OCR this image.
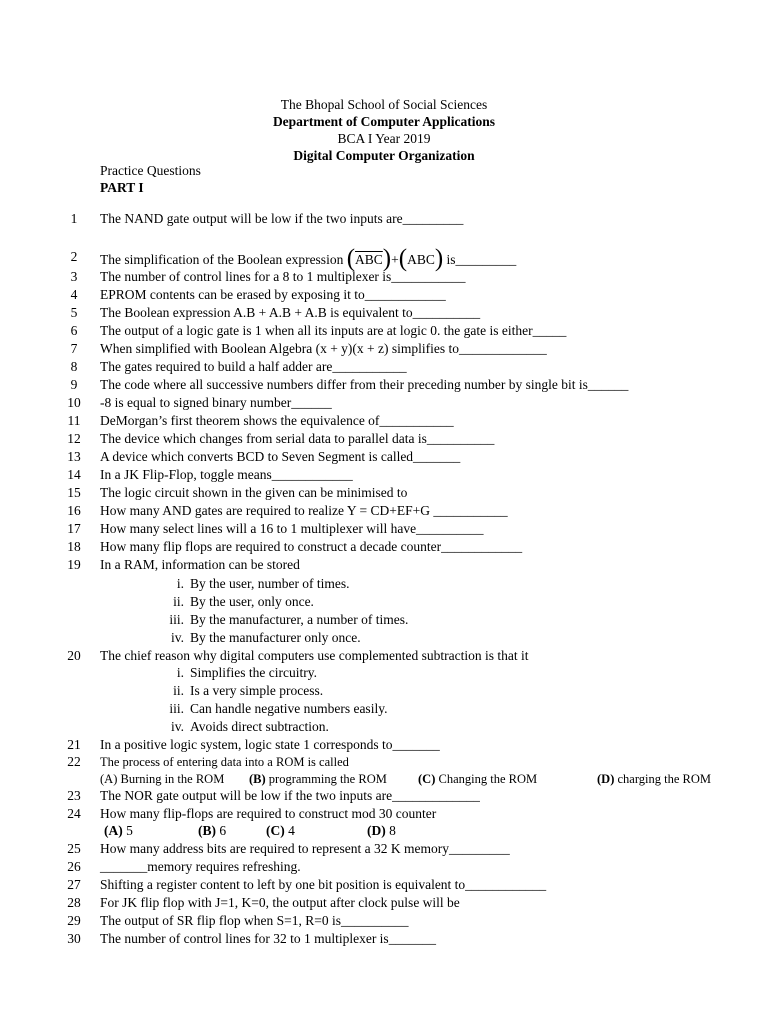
The Bhopal School of Social Sciences
Department of Computer Applications
BCA I Year 2019
Digital Computer Organization
Practice Questions
PART I
1	The NAND gate output will be low if the two inputs are_________
2	The simplification of the Boolean expression $(\overline{ABC})+(ABC)$ is_________
3	The number of control lines for a 8 to 1 multiplexer is___________
4	EPROM contents can be erased by exposing it to____________
5	The Boolean expression A.B + A.B + A.B is equivalent to__________
6	The output of a logic gate is 1 when all its inputs are at logic 0. the gate is either_____
7	When simplified with Boolean Algebra (x + y)(x + z) simplifies to_____________
8	The gates required to build a half adder are___________
9	The code where all successive numbers differ from their preceding number by single bit is______
10	-8 is equal to signed binary number______
11	DeMorgan’s first theorem shows the equivalence of___________
12	The device which changes from serial data to parallel data is__________
13	A device which converts BCD to Seven Segment is called_______
14	In a JK Flip-Flop, toggle means____________
15	The logic circuit shown in the given can be minimised to
16	How many AND gates are required to realize Y = CD+EF+G ___________
17	How many select lines will a 16 to 1 multiplexer will have__________
18	How many flip flops are required to construct a decade counter____________
19	In a RAM, information can be stored
i. By the user, number of times.
ii. By the user, only once.
iii. By the manufacturer, a number of times.
iv. By the manufacturer only once.
20	The chief reason why digital computers use complemented subtraction is that it
i. Simplifies the circuitry.
ii. Is a very simple process.
iii. Can handle negative numbers easily.
iv. Avoids direct subtraction.
21	In a positive logic system, logic state 1 corresponds to_______
22	The process of entering data into a ROM is called
(A) Burning in the ROM (B) programming the ROM (C) Changing the ROM	(D) charging the ROM
23	The NOR gate output will be low if the two inputs are_____________
24	How many flip-flops are required to construct mod 30 counter
(A) 5	(B) 6	(C) 4	(D) 8
25	How many address bits are required to represent a 32 K memory_________
26	_______memory requires refreshing.
27	Shifting a register content to left by one bit position is equivalent to____________
28	For JK flip flop with J=1, K=0, the output after clock pulse will be
29	The output of SR flip flop when S=1, R=0 is__________
30	The number of control lines for 32 to 1 multiplexer is_______
